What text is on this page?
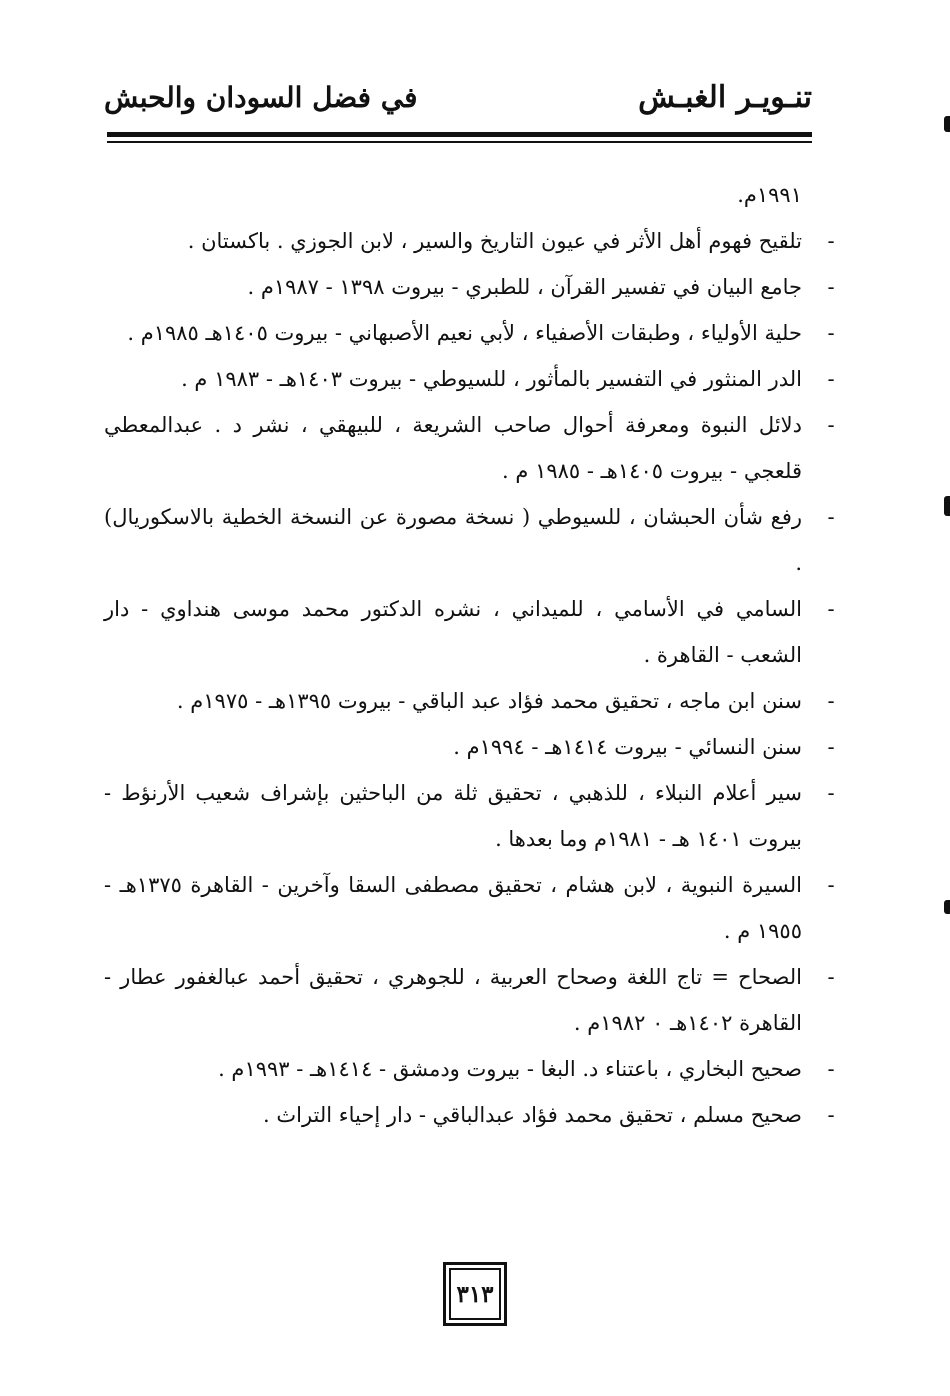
تنـويـر الغبـش
في فضل السودان والحبش
١٩٩١م.
-
تلقيح فهوم أهل الأثر في عيون التاريخ والسير ، لابن الجوزي . باكستان .
-
جامع البيان في تفسير القرآن ، للطبري - بيروت ١٣٩٨ - ١٩٨٧م .
-
حلية الأولياء ، وطبقات الأصفياء ، لأبي نعيم الأصبهاني - بيروت ١٤٠٥هـ ١٩٨٥م .
-
الدر المنثور في التفسير بالمأثور ، للسيوطي - بيروت ١٤٠٣هـ - ١٩٨٣ م .
-
دلائل النبوة ومعرفة أحوال صاحب الشريعة ، للبيهقي ، نشر د . عبدالمعطي قلعجي - بيروت ١٤٠٥هـ - ١٩٨٥ م .
-
رفع شأن الحبشان ، للسيوطي ( نسخة مصورة عن النسخة الخطية بالاسكوريال) .
-
السامي في الأسامي ، للميداني ، نشره الدكتور محمد موسى هنداوي - دار الشعب - القاهرة .
-
سنن ابن ماجه ، تحقيق محمد فؤاد عبد الباقي - بيروت ١٣٩٥هـ - ١٩٧٥م .
-
سنن النسائي - بيروت ١٤١٤هـ - ١٩٩٤م .
-
سير أعلام النبلاء ، للذهبي ، تحقيق ثلة من الباحثين بإشراف شعيب الأرنؤط - بيروت ١٤٠١ هـ - ١٩٨١م وما بعدها .
-
السيرة النبوية ، لابن هشام ، تحقيق مصطفى السقا وآخرين - القاهرة ١٣٧٥هـ - ١٩٥٥ م .
-
الصحاح = تاج اللغة وصحاح العربية ، للجوهري ، تحقيق أحمد عبالغفور عطار - القاهرة ١٤٠٢هـ ٠ ١٩٨٢م .
-
صحيح البخاري ، باعتناء د. البغا - بيروت ودمشق - ١٤١٤هـ - ١٩٩٣م .
-
صحيح مسلم ، تحقيق محمد فؤاد عبدالباقي - دار إحياء التراث .
٣١٣
